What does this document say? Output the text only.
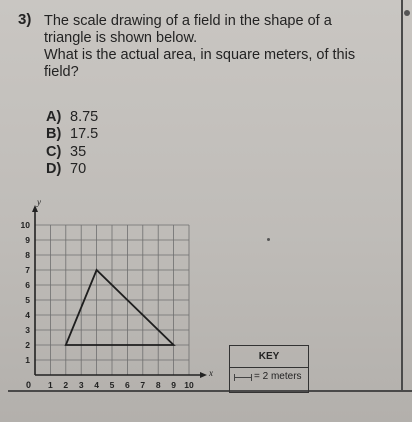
3) The scale drawing of a field in the shape of a
triangle is shown below.
What is the actual area, in square meters, of this
field?
A) 8.75
B) 17.5
C) 35
D) 70
x
y
0 1 2 3 4 5 6 7 8 9 10
1
2
3
4
5
6
7
8
9
10
KEY
= 2 meters
